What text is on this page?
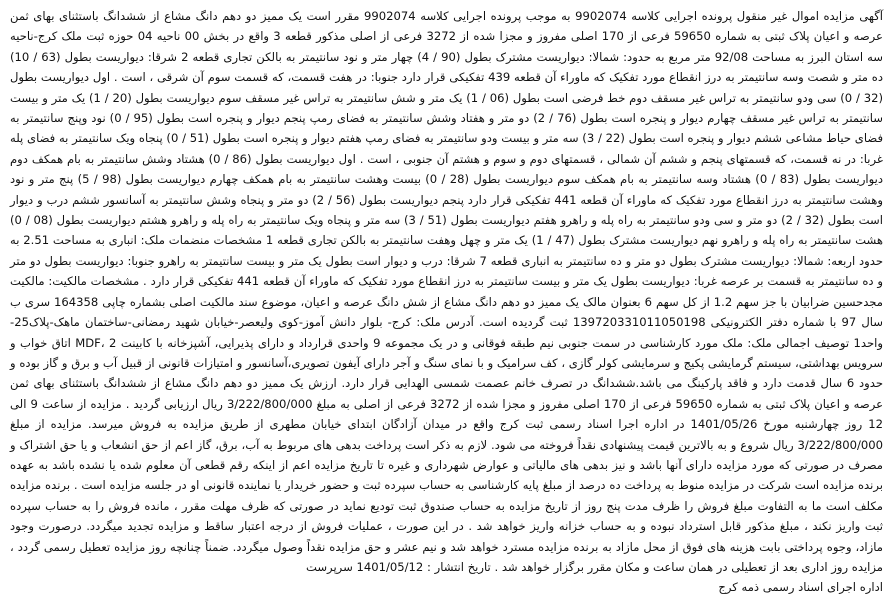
آگهی مزایده اموال غیر منقول پرونده اجرایی کلاسه 9902074 به موجب پرونده اجرایی کلاسه 9902074 مقرر است یک ممیز دو دهم دانگ مشاع از ششدانگ باستثنای بهای ثمن عرصه و اعیان پلاک ثبتی به شماره 59650 فرعی از 170 اصلی مفروز و مجزا شده از 3272 فرعی از اصلی مذکور قطعه 3 واقع در بخش 00 ناحیه 04 حوزه ثبت ملک کرج-ناحیه سه استان البرز به مساحت 92/08 متر مربع به حدود: شمالا: دیواریست مشترک بطول (90 / 4) چهار متر و نود سانتیمتر به بالکن تجاری قطعه 2 شرقا: دیواریست بطول (63 / 10) ده متر و شصت وسه سانتیمتر به درز انقطاع مورد تفکیک که ماوراء آن قطعه 439 تفکیکی قرار دارد جنوبا: در هفت قسمت، که قسمت سوم آن شرقی ، است . اول دیواریست بطول (32 / 0) سی ودو سانتیمتر به تراس غیر مسقف دوم خط فرضی است بطول (06 / 1) یک متر و شش سانتیمتر به تراس غیر مسقف سوم دیواریست بطول (20 / 1) یک متر و بیست سانتیمتر به تراس غیر مسقف چهارم دیوار و پنجره است بطول (76 / 2) دو متر و هفتاد وشش سانتیمتر به فضای رمپ پنجم دیوار و پنجره است بطول (95 / 0) نود وپنج سانتیمتر به فضای حیاط مشاعی ششم دیوار و پنجره است بطول (22 / 3) سه متر و بیست ودو سانتیمتر به فضای رمپ هفتم دیوار و پنجره است بطول (51 / 0) پنجاه ویک سانتیمتر به فضای پله غربا: در نه قسمت، که قسمتهای پنجم و ششم آن شمالی ، قسمتهای دوم و سوم و هشتم آن جنوبی ، است . اول دیواریست بطول (86 / 0) هشتاد وشش سانتیمتر به بام همکف دوم دیواریست بطول (83 / 0) هشتاد وسه سانتیمتر به بام همکف سوم دیواریست بطول (28 / 0) بیست وهشت سانتیمتر به بام همکف چهارم دیواریست بطول (98 / 5) پنج متر و نود وهشت سانتیمتر به درز انقطاع مورد تفکیک که ماوراء آن قطعه 441 تفکیکی قرار دارد پنجم دیواریست بطول (56 / 2) دو متر و پنجاه وشش سانتیمتر به آسانسور ششم درب و دیوار است بطول (32 / 2) دو متر و سی ودو سانتیمتر به راه پله و راهرو هفتم دیواریست بطول (51 / 3) سه متر و پنجاه ویک سانتیمتر به راه پله و راهرو هشتم دیواریست بطول (08 / 0) هشت سانتیمتر به راه پله و راهرو نهم دیواریست مشترک بطول (47 / 1) یک متر و چهل وهفت سانتیمتر به بالکن تجاری قطعه 1 مشخصات منضمات ملک: انباری به مساحت 2.51 به حدود اربعه: شمالا: دیواریست مشترک بطول دو متر و ده سانتیمتر به انباری قطعه 7 شرقا: درب و دیوار است بطول یک متر و بیست سانتیمتر به راهرو جنوبا: دیواریست بطول دو متر و ده سانتیمتر به قسمت بر عرصه غربا: دیواریست بطول یک متر و بیست سانتیمتر به درز انقطاع مورد تفکیک که ماوراء آن قطعه 441 تفکیکی قرار دارد . مشخصات مالکیت: مالکیت مجدحسین ضرابیان با جز سهم 1.2 از کل سهم 6 بعنوان مالک یک ممیز دو دهم دانگ مشاع از شش دانگ عرصه و اعیان، موضوع سند مالکیت اصلی بشماره چاپی 164358 سری ب سال 97 با شماره دفتر الکترونیکی 139720331011050198 ثبت گردیده است. آدرس ملک: کرج- بلوار دانش آموز-کوی ولیعصر-خیابان شهید رمضانی-ساختمان ماهک-پلاک25-واحد1 توصیف اجمالی ملک: ملک مورد کارشناسی در سمت جنوبی نیم طبقه فوقانی و در یک مجموعه 9 واحدی قرارداد و دارای پذیرایی، آشپزخانه با کابینت MDF، 2 اتاق خواب و سرویس بهداشتی، سیستم گرمایشی پکیج و سرمایشی کولر گازی ، کف سرامیک و با نمای سنگ و آجر دارای آیفون تصویری،آسانسور و امتیازات قانونی از قبیل آب و برق و گاز بوده و حدود 6 سال قدمت دارد و فاقد پارکینگ می باشد.ششدانگ در تصرف خانم عصمت شمسی الهدایی قرار دارد. ارزش یک ممیز دو دهم دانگ مشاع از ششدانگ باستثنای بهای ثمن عرصه و اعیان پلاک ثبتی به شماره 59650 فرعی از 170 اصلی مفروز و مجزا شده از 3272 فرعی از اصلی به مبلغ 3/222/800/000 ریال ارزیابی گردید . مزایده از ساعت 9 الی 12 روز چهارشنبه مورخ 1401/05/26 در اداره اجرا اسناد رسمی ثبت کرج واقع در میدان آزادگان ابتدای خیابان مطهری از طریق مزایده به فروش میرسد. مزایده از مبلغ 3/222/800/000 ریال شروع و به بالاترین قیمت پیشنهادی نقداً فروخته می شود. لازم به ذکر است پرداخت بدهی های مربوط به آب، برق، گاز اعم از حق انشعاب و یا حق اشتراک و مصرف در صورتی که مورد مزایده دارای آنها باشد و نیز بدهی های مالیاتی و عوارض شهرداری و غیره تا تاریخ مزایده اعم از اینکه رقم قطعی آن معلوم شده یا نشده باشد به عهده برنده مزایده است شرکت در مزایده منوط به پرداخت ده درصد از مبلغ پایه کارشناسی به حساب سپرده ثبت و حضور خریدار یا نماینده قانونی او در جلسه مزایده است . برنده مزایده مکلف است ما به التفاوت مبلغ فروش را ظرف مدت پنج روز از تاریخ مزایده به حساب صندوق ثبت تودیع نماید در صورتی که ظرف مهلت مقرر ، مانده فروش را به حساب سپرده ثبت واریز نکند ، مبلغ مذکور قابل استرداد نبوده و به حساب خزانه واریز خواهد شد . در این صورت ، عملیات فروش از درجه اعتبار ساقط و مزایده تجدید میگردد. درصورت وجود مازاد، وجوه پرداختی بابت هزینه های فوق از محل مازاد به برنده مزایده مسترد خواهد شد و نیم عشر و حق مزایده نقداً وصول میگردد. ضمناً چنانچه روز مزایده تعطیل رسمی گردد ، مزایده روز اداری بعد از تعطیلی در همان ساعت و مکان مقرر برگزار خواهد شد . تاریخ انتشار : 1401/05/12 سرپرست

اداره اجرای اسناد رسمی ذمه کرج
